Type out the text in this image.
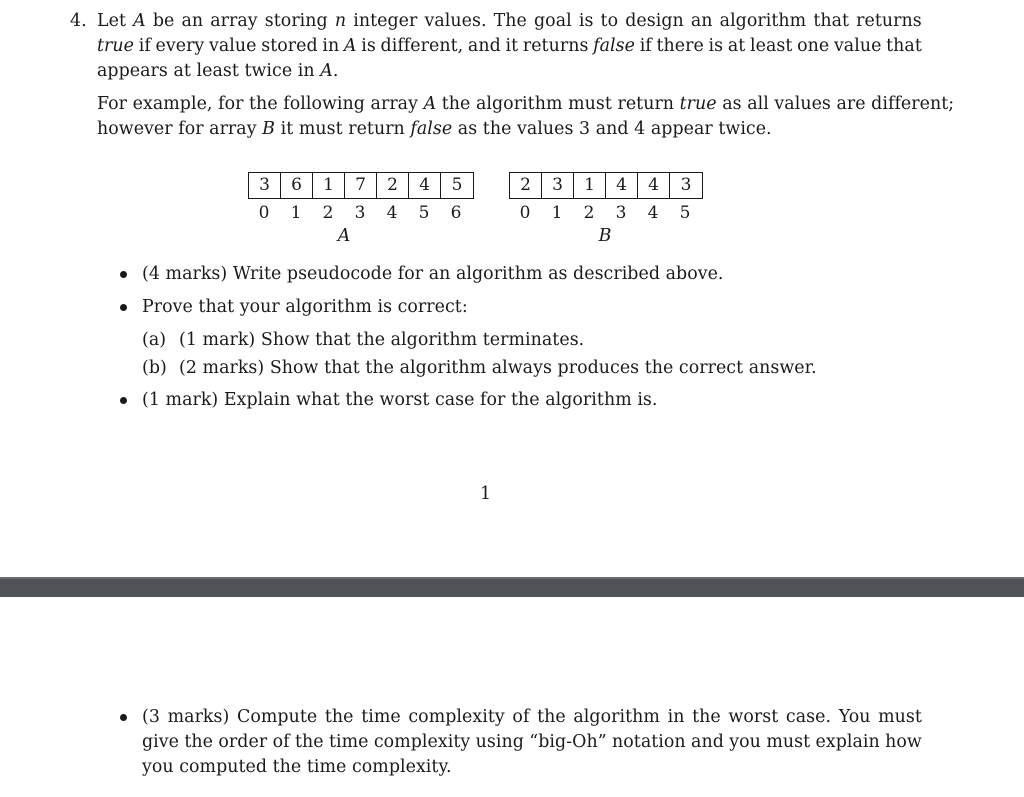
4. Let A be an array storing n integer values. The goal is to design an algorithm that returns
true if every value stored in A is different, and it returns false if there is at least one value that
appears at least twice in A.
For example, for the following array A the algorithm must return true as all values are different;
however for array B it must return false as the values 3 and 4 appear twice.
3	6	1	7	2	4	5
0	1	2	3	4	5	6
A
2	3	1	4	4	3
0	1	2	3	4	5
B
(4 marks) Write pseudocode for an algorithm as described above.
Prove that your algorithm is correct:
(a) (1 mark) Show that the algorithm terminates.
(b) (2 marks) Show that the algorithm always produces the correct answer.
(1 mark) Explain what the worst case for the algorithm is.
1
(3 marks) Compute the time complexity of the algorithm in the worst case. You must
give the order of the time complexity using “big-Oh” notation and you must explain how
you computed the time complexity.
